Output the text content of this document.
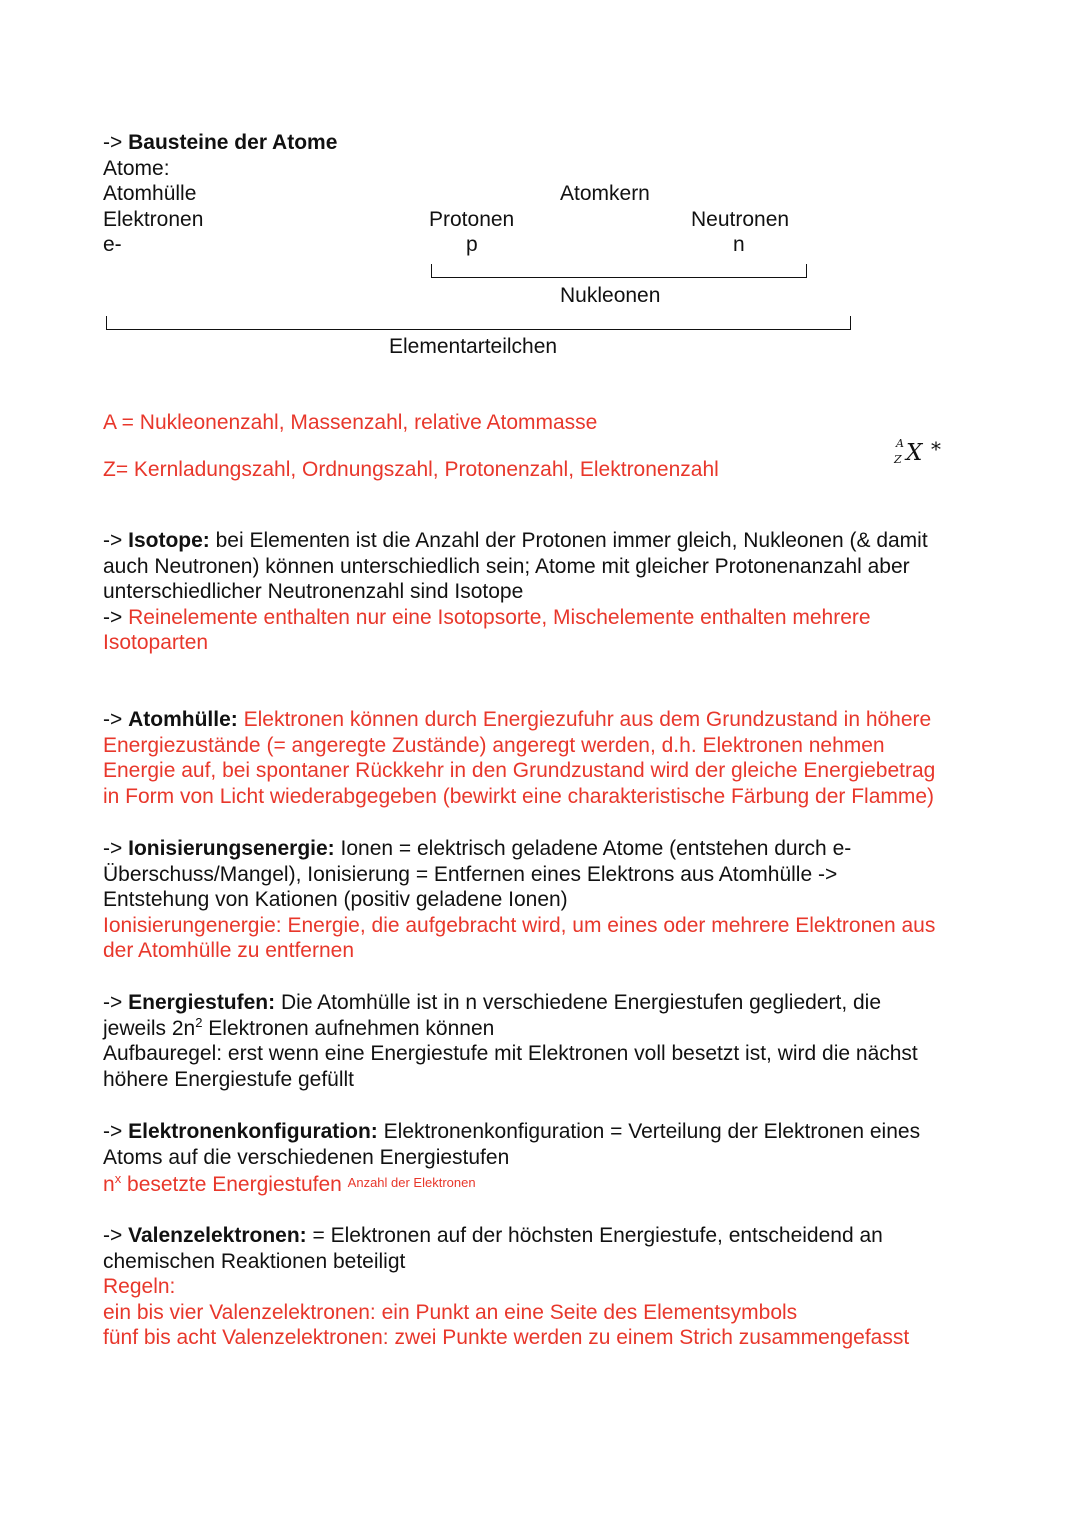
-> Bausteine der Atome
Atome:
Atomhülle	Atomkern
Elektronen	Protonen	Neutronen
e-	p	n
Nukleonen
Elementarteilchen
A = Nukleonenzahl, Massenzahl, relative Atommasse
Z= Kernladungszahl, Ordnungszahl, Protonenzahl, Elektronenzahl
A
Z X *
-> Isotope: bei Elementen ist die Anzahl der Protonen immer gleich, Nukleonen (& damit
auch Neutronen) können unterschiedlich sein; Atome mit gleicher Protonenanzahl aber
unterschiedlicher Neutronenzahl sind Isotope
-> Reinelemente enthalten nur eine Isotopsorte, Mischelemente enthalten mehrere
Isotoparten
-> Atomhülle: Elektronen können durch Energiezufuhr aus dem Grundzustand in höhere
Energiezustände (= angeregte Zustände) angeregt werden, d.h. Elektronen nehmen
Energie auf, bei spontaner Rückkehr in den Grundzustand wird der gleiche Energiebetrag
in Form von Licht wiederabgegeben (bewirkt eine charakteristische Färbung der Flamme)
-> Ionisierungsenergie: Ionen = elektrisch geladene Atome (entstehen durch e-
Überschuss/Mangel), Ionisierung = Entfernen eines Elektrons aus Atomhülle ->
Entstehung von Kationen (positiv geladene Ionen)
Ionisierungenergie: Energie, die aufgebracht wird, um eines oder mehrere Elektronen aus
der Atomhülle zu entfernen
-> Energiestufen: Die Atomhülle ist in n verschiedene Energiestufen gegliedert, die
jeweils $2n^2$ Elektronen aufnehmen können
Aufbauregel: erst wenn eine Energiestufe mit Elektronen voll besetzt ist, wird die nächst
höhere Energiestufe gefüllt
-> Elektronenkonfiguration: Elektronenkonfiguration = Verteilung der Elektronen eines
Atoms auf die verschiedenen Energiestufen
$n^x$ besetzte Energiestufen Anzahl der Elektronen
-> Valenzelektronen: = Elektronen auf der höchsten Energiestufe, entscheidend an
chemischen Reaktionen beteiligt
Regeln:
ein bis vier Valenzelektronen: ein Punkt an eine Seite des Elementsymbols
fünf bis acht Valenzelektronen: zwei Punkte werden zu einem Strich zusammengefasst
